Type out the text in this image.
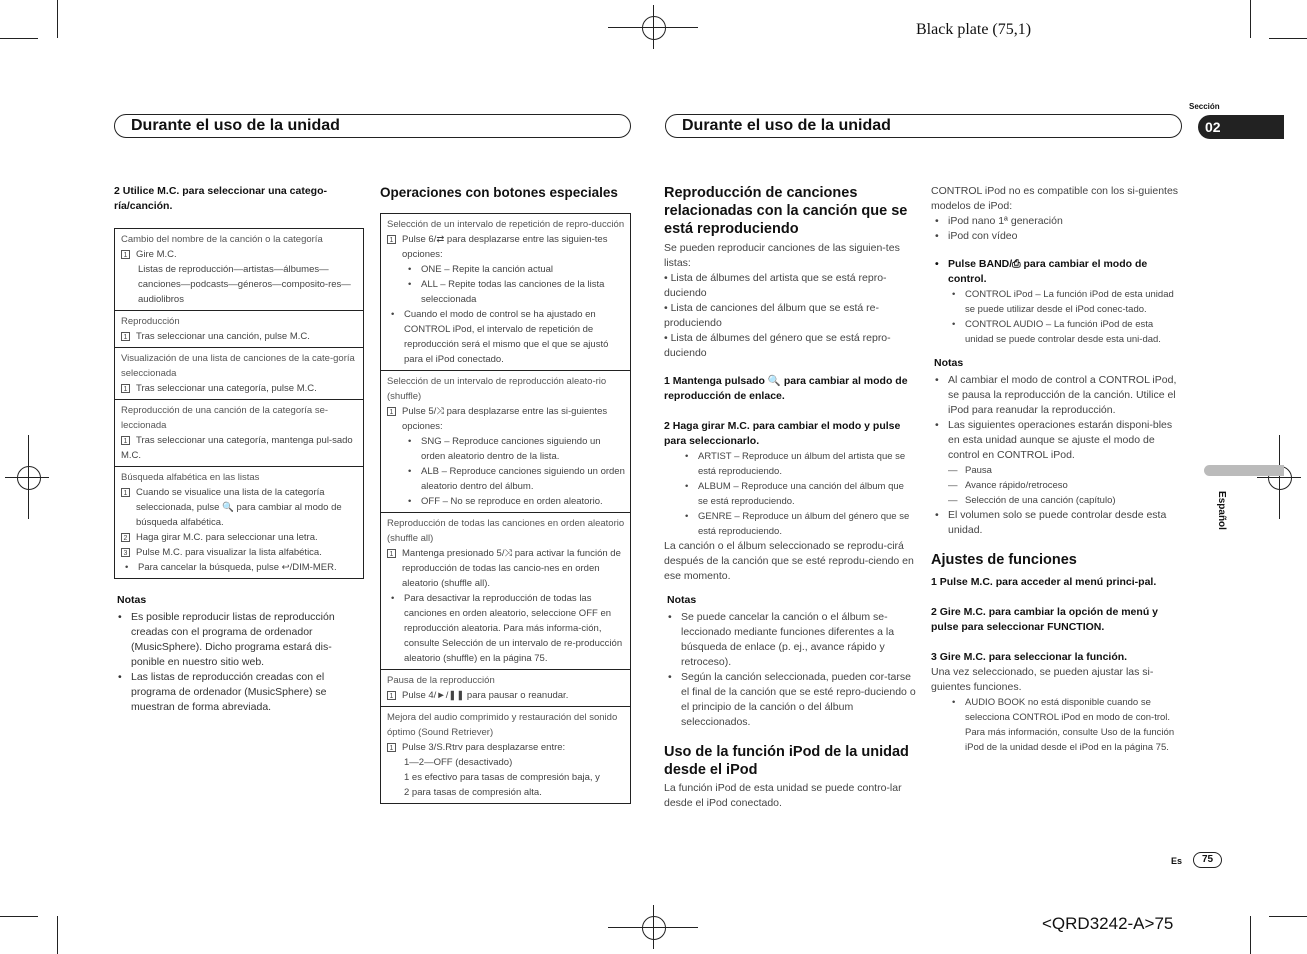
Black plate (75,1)
<QRD3242-A>75
Sección
02
Español
Es	75
Durante el uso de la unidad	Durante el uso de la unidad

2 Utilice M.C. para seleccionar una catego-ría/canción.

Cambio del nombre de la canción o la categoría
1 Gire M.C.
Listas de reproducción—artistas—álbumes—canciones—podcasts—géneros—composito-res—audiolibros
Reproducción
1 Tras seleccionar una canción, pulse M.C.
Visualización de una lista de canciones de la cate-goría seleccionada
1 Tras seleccionar una categoría, pulse M.C.
Reproducción de una canción de la categoría se-leccionada
1 Tras seleccionar una categoría, mantenga pul-sado M.C.
Búsqueda alfabética en las listas
1 Cuando se visualice una lista de la categoría seleccionada, pulse 🔍 para cambiar al modo de búsqueda alfabética.
2 Haga girar M.C. para seleccionar una letra.
3 Pulse M.C. para visualizar la lista alfabética.
• Para cancelar la búsqueda, pulse ↩/DIM-MER.

Notas

• Es posible reproducir listas de reproducción creadas con el programa de ordenador (MusicSphere). Dicho programa estará dis-ponible en nuestro sitio web.
• Las listas de reproducción creadas con el programa de ordenador (MusicSphere) se muestran de forma abreviada.

Operaciones con botones especiales

Selección de un intervalo de repetición de repro-ducción
1 Pulse 6/⇄ para desplazarse entre las siguien-tes opciones:
• ONE – Repite la canción actual
• ALL – Repite todas las canciones de la lista seleccionada
• Cuando el modo de control se ha ajustado en CONTROL iPod, el intervalo de repetición de reproducción será el mismo que el que se ajustó para el iPod conectado.
Selección de un intervalo de reproducción aleato-rio (shuffle)
1 Pulse 5/⤨ para desplazarse entre las si-guientes opciones:
• SNG – Reproduce canciones siguiendo un orden aleatorio dentro de la lista.
• ALB – Reproduce canciones siguiendo un orden aleatorio dentro del álbum.
• OFF – No se reproduce en orden aleatorio.
Reproducción de todas las canciones en orden aleatorio (shuffle all)
1 Mantenga presionado 5/⤨ para activar la función de reproducción de todas las cancio-nes en orden aleatorio (shuffle all).
• Para desactivar la reproducción de todas las canciones en orden aleatorio, seleccione OFF en reproducción aleatoria. Para más informa-ción, consulte Selección de un intervalo de re-producción aleatorio (shuffle) en la página 75.
Pausa de la reproducción
1 Pulse 4/►/❚❚ para pausar o reanudar.
Mejora del audio comprimido y restauración del sonido óptimo (Sound Retriever)
1 Pulse 3/S.Rtrv para desplazarse entre:
1—2—OFF (desactivado)
1 es efectivo para tasas de compresión baja, y
2 para tasas de compresión alta.

Reproducción de canciones relacionadas con la canción que se está reproduciendo

Se pueden reproducir canciones de las siguien-tes listas:

• Lista de álbumes del artista que se está repro-duciendo

• Lista de canciones del álbum que se está re-produciendo

• Lista de álbumes del género que se está repro-duciendo

1 Mantenga pulsado 🔍 para cambiar al modo de reproducción de enlace.

2 Haga girar M.C. para cambiar el modo y pulse para seleccionarlo.

• ARTIST – Reproduce un álbum del artista que se está reproduciendo.
• ALBUM – Reproduce una canción del álbum que se está reproduciendo.
• GENRE – Reproduce un álbum del género que se está reproduciendo.

La canción o el álbum seleccionado se reprodu-cirá después de la canción que se esté reprodu-ciendo en ese momento.

Notas

• Se puede cancelar la canción o el álbum se-leccionado mediante funciones diferentes a la búsqueda de enlace (p. ej., avance rápido y retroceso).
• Según la canción seleccionada, pueden cor-tarse el final de la canción que se esté repro-duciendo o el principio de la canción o del álbum seleccionados.

Uso de la función iPod de la unidad desde el iPod

La función iPod de esta unidad se puede contro-lar desde el iPod conectado.

CONTROL iPod no es compatible con los si-guientes modelos de iPod:

• iPod nano 1ª generación
• iPod con vídeo
• Pulse BAND/⎙ para cambiar el modo de control.
• CONTROL iPod – La función iPod de esta unidad se puede utilizar desde el iPod conec-tado.
• CONTROL AUDIO – La función iPod de esta unidad se puede controlar desde esta uni-dad.

Notas

• Al cambiar el modo de control a CONTROL iPod, se pausa la reproducción de la canción. Utilice el iPod para reanudar la reproducción.
• Las siguientes operaciones estarán disponi-bles en esta unidad aunque se ajuste el modo de control en CONTROL iPod.
— Pausa
— Avance rápido/retroceso
— Selección de una canción (capítulo)
• El volumen solo se puede controlar desde esta unidad.

Ajustes de funciones

1 Pulse M.C. para acceder al menú princi-pal.

2 Gire M.C. para cambiar la opción de menú y pulse para seleccionar FUNCTION.

3 Gire M.C. para seleccionar la función.

Una vez seleccionado, se pueden ajustar las si-guientes funciones.

• AUDIO BOOK no está disponible cuando se selecciona CONTROL iPod en modo de con-trol. Para más información, consulte Uso de la función iPod de la unidad desde el iPod en la página 75.
